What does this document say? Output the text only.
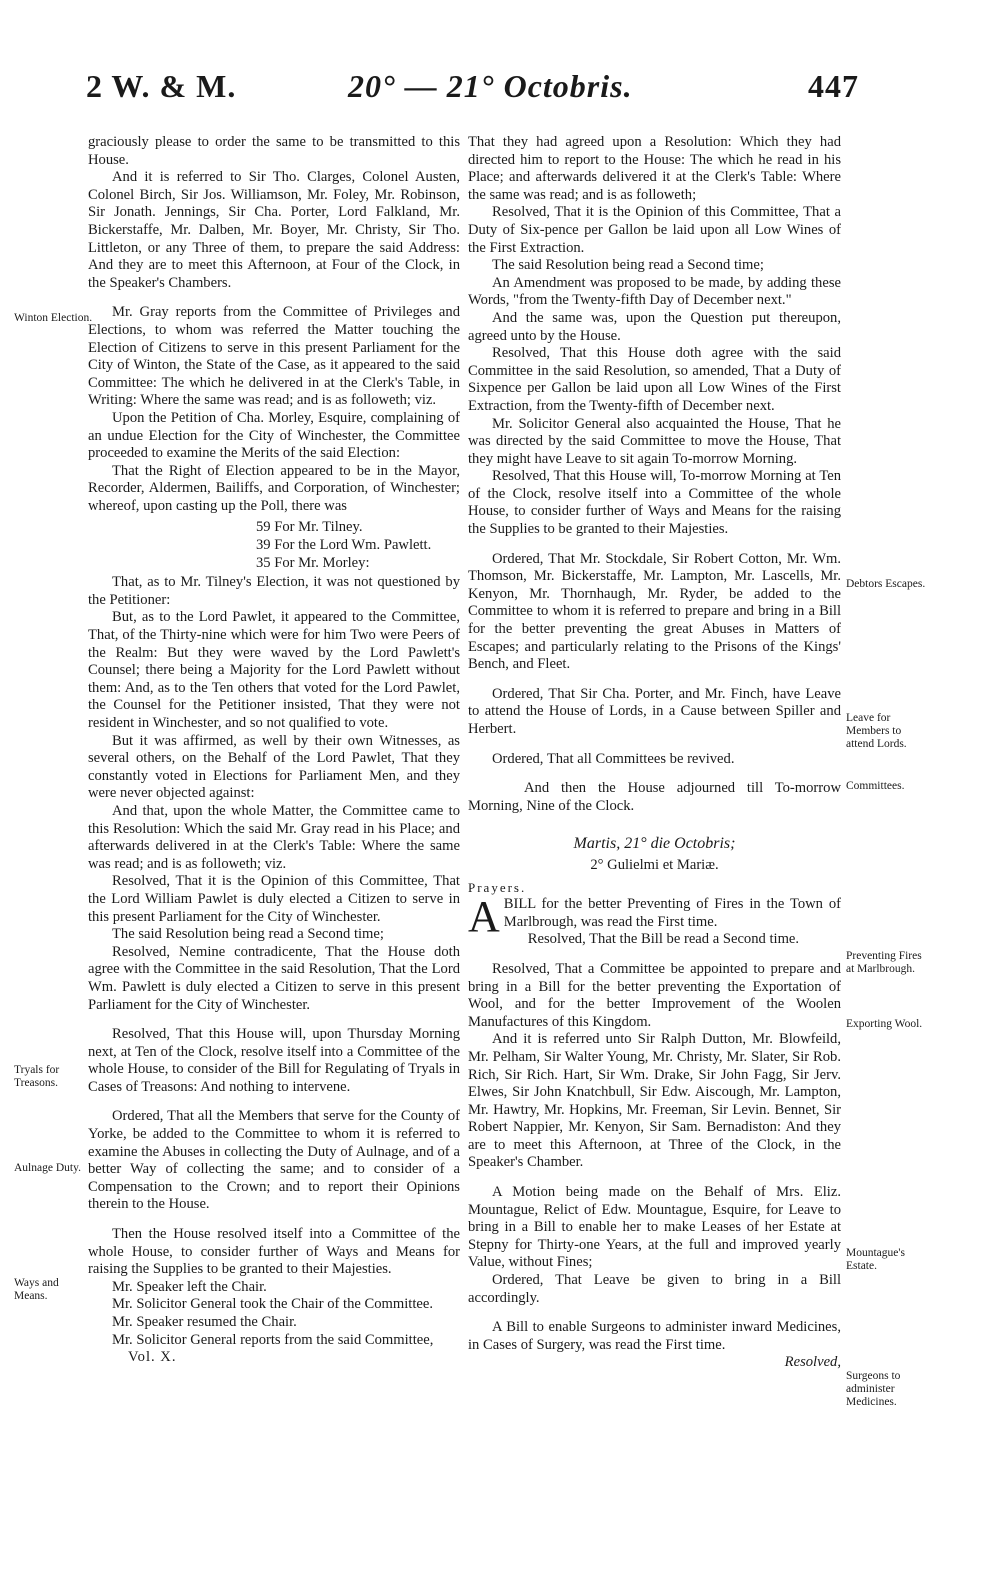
2 W. & M.	20° — 21° Octobris.	447

graciously please to order the same to be transmitted to this House.

And it is referred to Sir Tho. Clarges, Colonel Austen, Colonel Birch, Sir Jos. Williamson, Mr. Foley, Mr. Robinson, Sir Jonath. Jennings, Sir Cha. Porter, Lord Falkland, Mr. Bickerstaffe, Mr. Dalben, Mr. Boyer, Mr. Christy, Sir Tho. Littleton, or any Three of them, to prepare the said Address: And they are to meet this Afternoon, at Four of the Clock, in the Speaker's Chambers.

Mr. Gray reports from the Committee of Privileges and Elections, to whom was referred the Matter touching the Election of Citizens to serve in this present Parliament for the City of Winton, the State of the Case, as it appeared to the said Committee: The which he delivered in at the Clerk's Table, in Writing: Where the same was read; and is as followeth; viz.

Upon the Petition of Cha. Morley, Esquire, complaining of an undue Election for the City of Winchester, the Committee proceeded to examine the Merits of the said Election:

That the Right of Election appeared to be in the Mayor, Recorder, Aldermen, Bailiffs, and Corporation, of Winchester; whereof, upon casting up the Poll, there was

59 For Mr. Tilney.
39 For the Lord Wm. Pawlett.
35 For Mr. Morley:

That, as to Mr. Tilney's Election, it was not questioned by the Petitioner:

But, as to the Lord Pawlet, it appeared to the Committee, That, of the Thirty-nine which were for him Two were Peers of the Realm: But they were waved by the Lord Pawlett's Counsel; there being a Majority for the Lord Pawlett without them: And, as to the Ten others that voted for the Lord Pawlet, the Counsel for the Petitioner insisted, That they were not resident in Winchester, and so not qualified to vote.

But it was affirmed, as well by their own Witnesses, as several others, on the Behalf of the Lord Pawlet, That they constantly voted in Elections for Parliament Men, and they were never objected against:

And that, upon the whole Matter, the Committee came to this Resolution: Which the said Mr. Gray read in his Place; and afterwards delivered in at the Clerk's Table: Where the same was read; and is as followeth; viz.

Resolved, That it is the Opinion of this Committee, That the Lord William Pawlet is duly elected a Citizen to serve in this present Parliament for the City of Winchester.

The said Resolution being read a Second time;

Resolved, Nemine contradicente, That the House doth agree with the Committee in the said Resolution, That the Lord Wm. Pawlett is duly elected a Citizen to serve in this present Parliament for the City of Winchester.

Resolved, That this House will, upon Thursday Morning next, at Ten of the Clock, resolve itself into a Committee of the whole House, to consider of the Bill for Regulating of Tryals in Cases of Treasons: And nothing to intervene.

Ordered, That all the Members that serve for the County of Yorke, be added to the Committee to whom it is referred to examine the Abuses in collecting the Duty of Aulnage, and of a better Way of collecting the same; and to consider of a Compensation to the Crown; and to report their Opinions therein to the House.

Then the House resolved itself into a Committee of the whole House, to consider further of Ways and Means for raising the Supplies to be granted to their Majesties.

Mr. Speaker left the Chair.

Mr. Solicitor General took the Chair of the Committee.

Mr. Speaker resumed the Chair.

Mr. Solicitor General reports from the said Committee,

Vol. X.

That they had agreed upon a Resolution: Which they had directed him to report to the House: The which he read in his Place; and afterwards delivered it at the Clerk's Table: Where the same was read; and is as followeth;

Resolved, That it is the Opinion of this Committee, That a Duty of Six-pence per Gallon be laid upon all Low Wines of the First Extraction.

The said Resolution being read a Second time;

An Amendment was proposed to be made, by adding these Words, "from the Twenty-fifth Day of December next."

And the same was, upon the Question put thereupon, agreed unto by the House.

Resolved, That this House doth agree with the said Committee in the said Resolution, so amended, That a Duty of Sixpence per Gallon be laid upon all Low Wines of the First Extraction, from the Twenty-fifth of December next.

Mr. Solicitor General also acquainted the House, That he was directed by the said Committee to move the House, That they might have Leave to sit again To-morrow Morning.

Resolved, That this House will, To-morrow Morning at Ten of the Clock, resolve itself into a Committee of the whole House, to consider further of Ways and Means for the raising the Supplies to be granted to their Majesties.

Ordered, That Mr. Stockdale, Sir Robert Cotton, Mr. Wm. Thomson, Mr. Bickerstaffe, Mr. Lampton, Mr. Lascells, Mr. Kenyon, Mr. Thornhaugh, Mr. Ryder, be added to the Committee to whom it is referred to prepare and bring in a Bill for the better preventing the great Abuses in Matters of Escapes; and particularly relating to the Prisons of the Kings' Bench, and Fleet.

Ordered, That Sir Cha. Porter, and Mr. Finch, have Leave to attend the House of Lords, in a Cause between Spiller and Herbert.

Ordered, That all Committees be revived.

And then the House adjourned till To-morrow Morning, Nine of the Clock.

Martis, 21° die Octobris;

2° Gulielmi et Mariæ.

Prayers.

ABILL for the better Preventing of Fires in the Town of Marlbrough, was read the First time.

Resolved, That the Bill be read a Second time.

Resolved, That a Committee be appointed to prepare and bring in a Bill for the better preventing the Exportation of Wool, and for the better Improvement of the Woolen Manufactures of this Kingdom.

And it is referred unto Sir Ralph Dutton, Mr. Blowfeild, Mr. Pelham, Sir Walter Young, Mr. Christy, Mr. Slater, Sir Rob. Rich, Sir Rich. Hart, Sir Wm. Drake, Sir John Fagg, Sir Jerv. Elwes, Sir John Knatchbull, Sir Edw. Aiscough, Mr. Lampton, Mr. Hawtry, Mr. Hopkins, Mr. Freeman, Sir Levin. Bennet, Sir Robert Nappier, Mr. Kenyon, Sir Sam. Bernadiston: And they are to meet this Afternoon, at Three of the Clock, in the Speaker's Chamber.

A Motion being made on the Behalf of Mrs. Eliz. Mountague, Relict of Edw. Mountague, Esquire, for Leave to bring in a Bill to enable her to make Leases of her Estate at Stepny for Thirty-one Years, at the full and improved yearly Value, without Fines;

Ordered, That Leave be given to bring in a Bill accordingly.

A Bill to enable Surgeons to administer inward Medicines, in Cases of Surgery, was read the First time.

Resolved,

Winton Election.
Tryals for Treasons.
Aulnage Duty.
Ways and Means.
Debtors Escapes.
Leave for Members to attend Lords.
Committees.
Preventing Fires at Marlbrough.
Exporting Wool.
Mountague's Estate.
Surgeons to administer Medicines.
